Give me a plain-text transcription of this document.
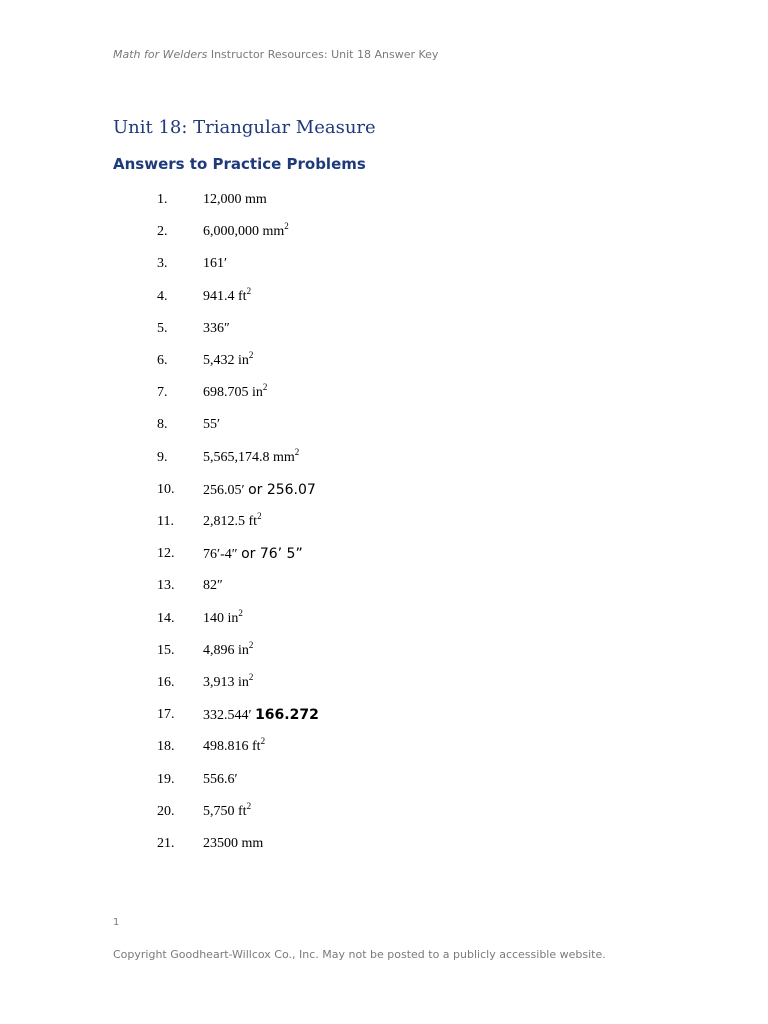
Math for Welders Instructor Resources: Unit 18 Answer Key
Unit 18: Triangular Measure
Answers to Practice Problems
1.	12,000 mm
2.	6,000,000 $mm^2$
3.	161′
4.	941.4 $ft^2$
5.	336″
6.	5,432 $in^2$
7.	698.705 $in^2$
8.	55′
9.	5,565,174.8 $mm^2$
10. 256.05′ or 256.07
11. 2,812.5 $ft^2$
12. 76′-4″ or 76’ 5”
13. 82″
14. 140 $in^2$
15. 4,896 $in^2$
16. 3,913 $in^2$
17. 332.544′ 166.272
18. 498.816 $ft^2$
19. 556.6′
20. 5,750 $ft^2$
21. 23500 mm
1
Copyright Goodheart-Willcox Co., Inc. May not be posted to a publicly accessible website.
